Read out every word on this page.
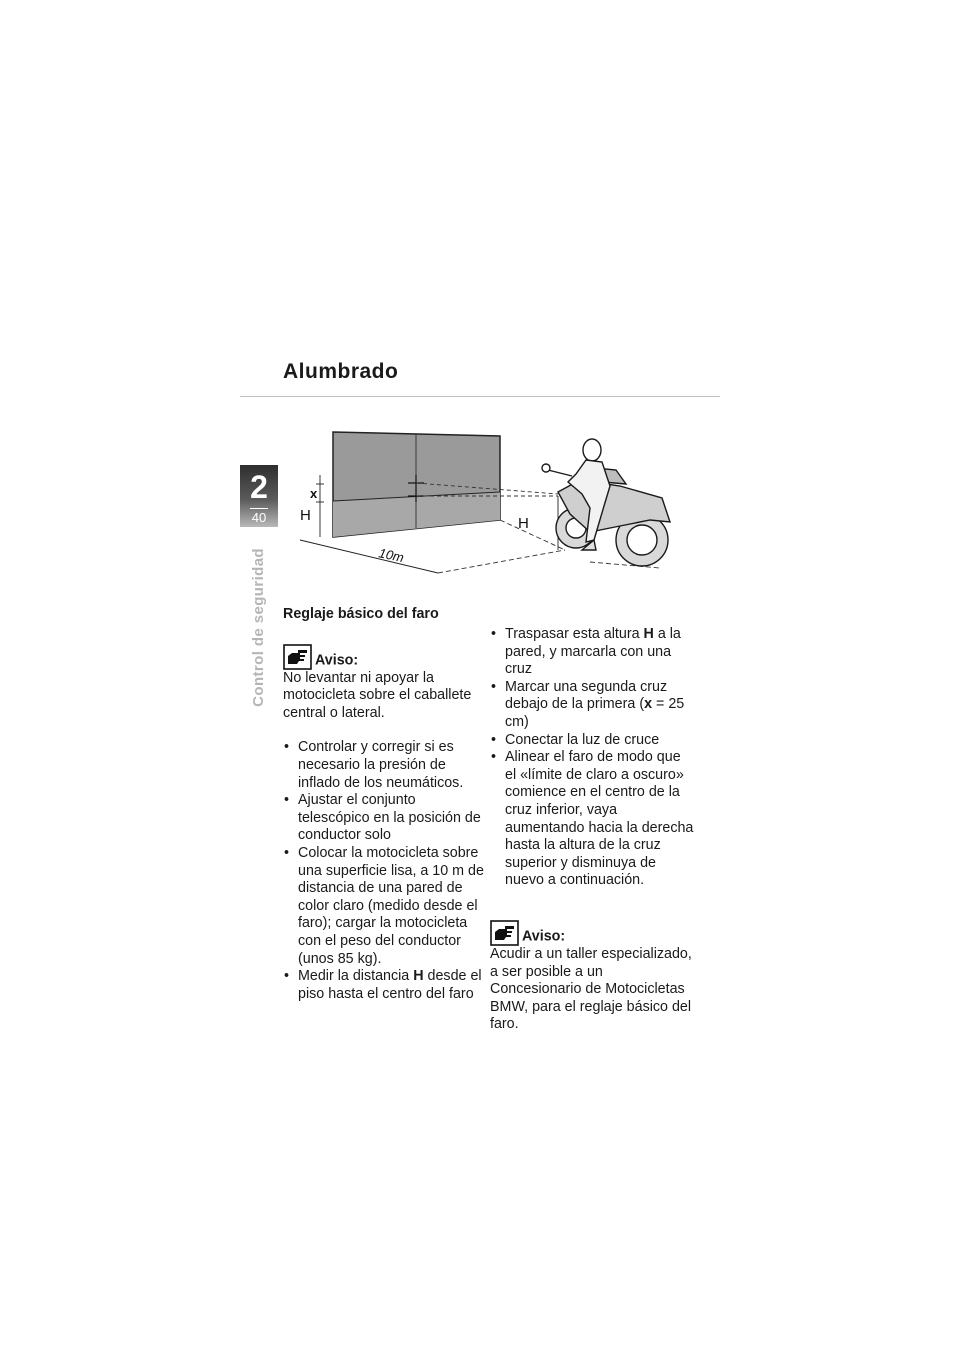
Alumbrado
2
40
Control de seguridad
H
x
H
10m
Reglaje básico del faro
Aviso:

No levantar ni apoyar la motocicleta sobre el caballete central o lateral.

• Controlar y corregir si es necesario la presión de inflado de los neumáticos.
• Ajustar el conjunto telescópico en la posición de conductor solo
• Colocar la motocicleta sobre una superficie lisa, a 10 m de distancia de una pared de color claro (medido desde el faro); cargar la motocicleta con el peso del conductor (unos 85 kg).
• Medir la distancia H desde el piso hasta el centro del faro
• Traspasar esta altura H a la pared, y marcarla con una cruz
• Marcar una segunda cruz debajo de la primera (x = 25 cm)
• Conectar la luz de cruce
• Alinear el faro de modo que el «límite de claro a oscuro» comience en el centro de la cruz inferior, vaya aumentando hacia la derecha hasta la altura de la cruz superior y disminuya de nuevo a continuación.
Aviso:

Acudir a un taller especializado, a ser posible a un Concesionario de Motocicletas BMW, para el reglaje básico del faro.
